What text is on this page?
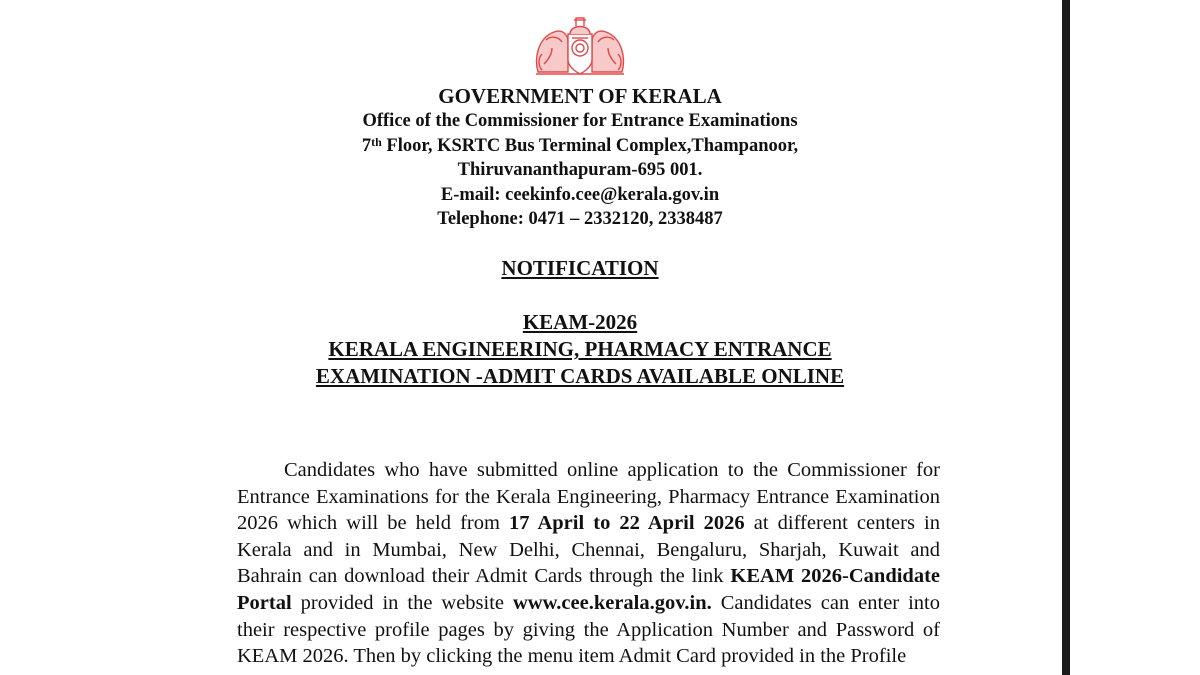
GOVERNMENT OF KERALA
Office of the Commissioner for Entrance Examinations
7th Floor, KSRTC Bus Terminal Complex,Thampanoor,
Thiruvananthapuram-695 001.
E-mail: ceekinfo.cee@kerala.gov.in
Telephone: 0471 – 2332120, 2338487
NOTIFICATION
KEAM-2026
KERALA ENGINEERING, PHARMACY ENTRANCE
EXAMINATION -ADMIT CARDS AVAILABLE ONLINE
Candidates who have submitted online application to the Commissioner for Entrance Examinations for the Kerala Engineering, Pharmacy Entrance Examination 2026 which will be held from 17 April to 22 April 2026 at different centers in Kerala and in Mumbai, New Delhi, Chennai, Bengaluru, Sharjah, Kuwait and Bahrain can download their Admit Cards through the link KEAM 2026-Candidate Portal provided in the website www.cee.kerala.gov.in. Candidates can enter into their respective profile pages by giving the Application Number and Password of KEAM 2026. Then by clicking the menu item Admit Card provided in the Profile
